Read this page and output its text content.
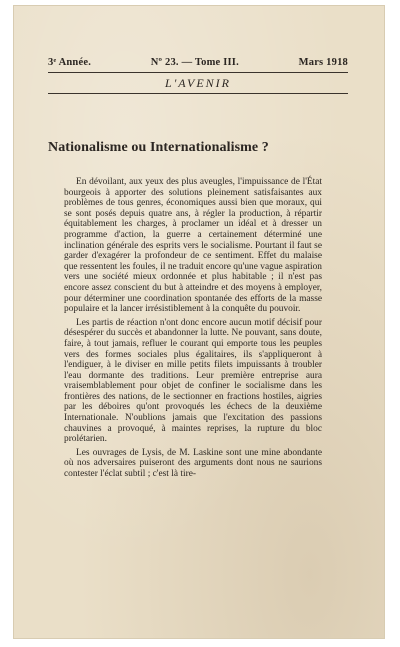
3ᵉ Année.	Nº 23. — Tome III.	Mars 1918
L'AVENIR
Nationalisme ou Internationalisme ?

En dévoilant, aux yeux des plus aveugles, l'impuissance de l'État bourgeois à apporter des solutions pleinement satisfaisantes aux problèmes de tous genres, économiques aussi bien que moraux, qui se sont posés depuis quatre ans, à régler la production, à répartir équitablement les charges, à proclamer un idéal et à dresser un programme d'action, la guerre a certainement déterminé une inclination générale des esprits vers le socialisme. Pourtant il faut se garder d'exagérer la profondeur de ce sentiment. Effet du malaise que ressentent les foules, il ne traduit encore qu'une vague aspiration vers une société mieux ordonnée et plus habitable ; il n'est pas encore assez conscient du but à atteindre et des moyens à employer, pour déterminer une coordination spontanée des efforts de la masse populaire et la lancer irrésistiblement à la conquête du pouvoir.

Les partis de réaction n'ont donc encore aucun motif décisif pour désespérer du succès et abandonner la lutte. Ne pouvant, sans doute, faire, à tout jamais, refluer le courant qui emporte tous les peuples vers des formes sociales plus égalitaires, ils s'appliqueront à l'endiguer, à le diviser en mille petits filets impuissants à troubler l'eau dormante des traditions. Leur première entreprise aura vraisemblablement pour objet de confiner le socialisme dans les frontières des nations, de le sectionner en fractions hostiles, aigries par les déboires qu'ont provoqués les échecs de la deuxième Internationale. N'oublions jamais que l'excitation des passions chauvines a provoqué, à maintes reprises, la rupture du bloc prolétarien.

Les ouvrages de Lysis, de M. Laskine sont une mine abondante où nos adversaires puiseront des arguments dont nous ne saurions contester l'éclat subtil ; c'est là tire-
